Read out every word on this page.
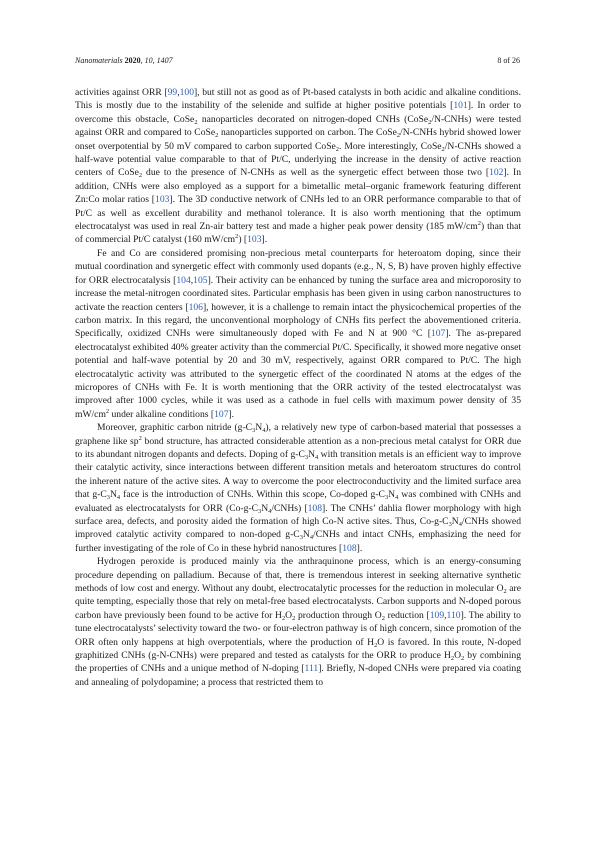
Nanomaterials 2020, 10, 1407	8 of 26

activities against ORR [99,100], but still not as good as of Pt-based catalysts in both acidic and alkaline conditions. This is mostly due to the instability of the selenide and sulfide at higher positive potentials [101]. In order to overcome this obstacle, CoSe$_2$ nanoparticles decorated on nitrogen-doped CNHs (CoSe$_2$/N-CNHs) were tested against ORR and compared to CoSe$_2$ nanoparticles supported on carbon. The CoSe$_2$/N-CNHs hybrid showed lower onset overpotential by 50 mV compared to carbon supported CoSe$_2$. More interestingly, CoSe$_2$/N-CNHs showed a half-wave potential value comparable to that of Pt/C, underlying the increase in the density of active reaction centers of CoSe$_2$ due to the presence of N-CNHs as well as the synergetic effect between those two [102]. In addition, CNHs were also employed as a support for a bimetallic metal–organic framework featuring different Zn:Co molar ratios [103]. The 3D conductive network of CNHs led to an ORR performance comparable to that of Pt/C as well as excellent durability and methanol tolerance. It is also worth mentioning that the optimum electrocatalyst was used in real Zn-air battery test and made a higher peak power density (185 $mW/cm^2$) than that of commercial Pt/C catalyst (160 $mW/cm^2$) [103].

Fe and Co are considered promising non-precious metal counterparts for heteroatom doping, since their mutual coordination and synergetic effect with commonly used dopants (e.g., N, S, B) have proven highly effective for ORR electrocatalysis [104,105]. Their activity can be enhanced by tuning the surface area and microporosity to increase the metal-nitrogen coordinated sites. Particular emphasis has been given in using carbon nanostructures to activate the reaction centers [106], however, it is a challenge to remain intact the physicochemical properties of the carbon matrix. In this regard, the unconventional morphology of CNHs fits perfect the abovementioned criteria. Specifically, oxidized CNHs were simultaneously doped with Fe and N at 900 °C [107]. The as-prepared electrocatalyst exhibited 40% greater activity than the commercial Pt/C. Specifically, it showed more negative onset potential and half-wave potential by 20 and 30 mV, respectively, against ORR compared to Pt/C. The high electrocatalytic activity was attributed to the synergetic effect of the coordinated N atoms at the edges of the micropores of CNHs with Fe. It is worth mentioning that the ORR activity of the tested electrocatalyst was improved after 1000 cycles, while it was used as a cathode in fuel cells with maximum power density of 35 $mW/cm^2$ under alkaline conditions [107].

Moreover, graphitic carbon nitride $(g-C_3N_4)$, a relatively new type of carbon-based material that possesses a graphene like $sp^2$ bond structure, has attracted considerable attention as a non-precious metal catalyst for ORR due to its abundant nitrogen dopants and defects. Doping of $g-C_3N_4$ with transition metals is an efficient way to improve their catalytic activity, since interactions between different transition metals and heteroatom structures do control the inherent nature of the active sites. A way to overcome the poor electroconductivity and the limited surface area that $g-C_3N_4$ face is the introduction of CNHs. Within this scope, Co-doped $g-C_3N_4$ was combined with CNHs and evaluated as electrocatalysts for ORR $(Co-g-C_3N_4/CNHs)$ [108]. The CNHs’ dahlia flower morphology with high surface area, defects, and porosity aided the formation of high Co-N active sites. Thus, $Co-g-C_3N_4$/CNHs showed improved catalytic activity compared to non-doped $g-C_3N_4$/CNHs and intact CNHs, emphasizing the need for further investigating of the role of Co in these hybrid nanostructures [108].

Hydrogen peroxide is produced mainly via the anthraquinone process, which is an energy-consuming procedure depending on palladium. Because of that, there is tremendous interest in seeking alternative synthetic methods of low cost and energy. Without any doubt, electrocatalytic processes for the reduction in molecular $O_2$ are quite tempting, especially those that rely on metal-free based electrocatalysts. Carbon supports and N-doped porous carbon have previously been found to be active for $H_2O_2$ production through $O_2$ reduction [109,110]. The ability to tune electrocatalysts’ selectivity toward the two- or four-electron pathway is of high concern, since promotion of the ORR often only happens at high overpotentials, where the production of $H_2O$ is favored. In this route, N-doped graphitized CNHs (g-N-CNHs) were prepared and tested as catalysts for the ORR to produce $H_2O_2$ by combining the properties of CNHs and a unique method of N-doping [111]. Briefly, N-doped CNHs were prepared via coating and annealing of polydopamine; a process that restricted them to
